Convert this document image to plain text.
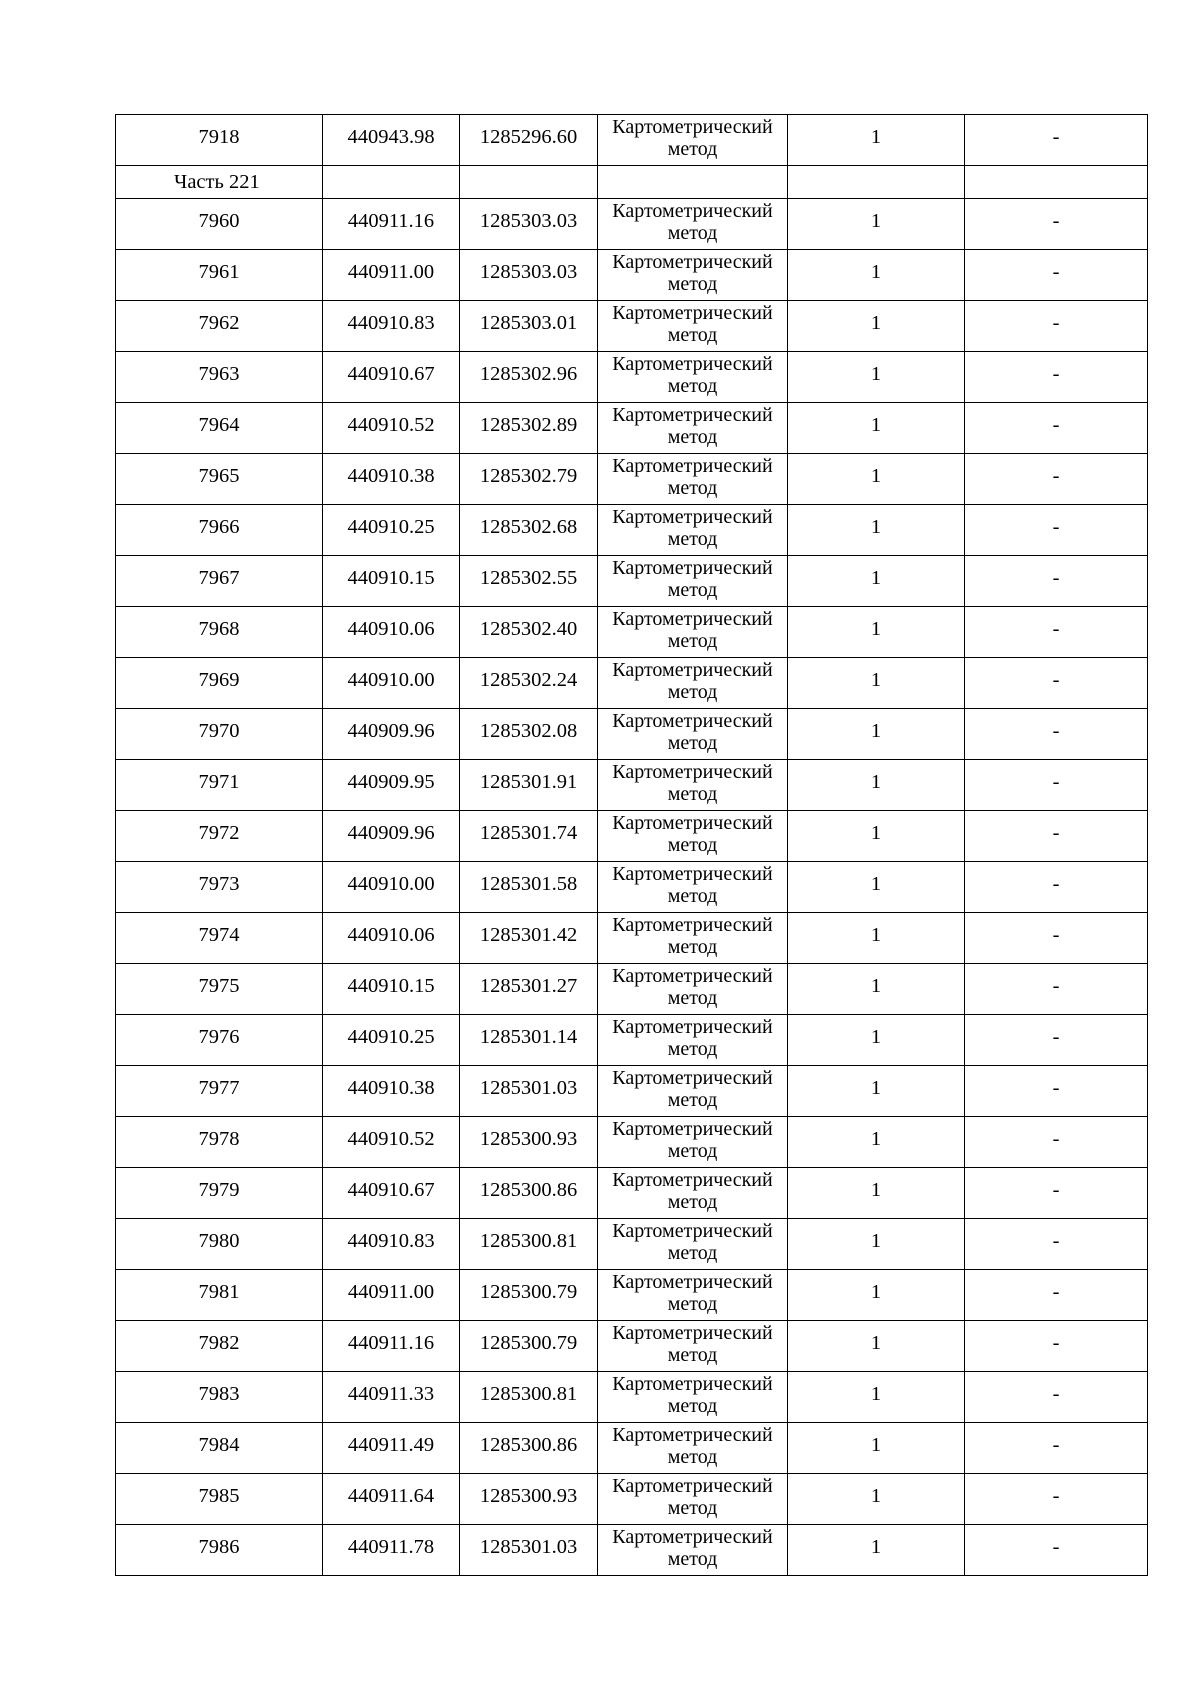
7918	440943.98	1285296.60	Картометрический
метод	1	-
Часть 221					
7960	440911.16	1285303.03	Картометрический
метод	1	-
7961	440911.00	1285303.03	Картометрический
метод	1	-
7962	440910.83	1285303.01	Картометрический
метод	1	-
7963	440910.67	1285302.96	Картометрический
метод	1	-
7964	440910.52	1285302.89	Картометрический
метод	1	-
7965	440910.38	1285302.79	Картометрический
метод	1	-
7966	440910.25	1285302.68	Картометрический
метод	1	-
7967	440910.15	1285302.55	Картометрический
метод	1	-
7968	440910.06	1285302.40	Картометрический
метод	1	-
7969	440910.00	1285302.24	Картометрический
метод	1	-
7970	440909.96	1285302.08	Картометрический
метод	1	-
7971	440909.95	1285301.91	Картометрический
метод	1	-
7972	440909.96	1285301.74	Картометрический
метод	1	-
7973	440910.00	1285301.58	Картометрический
метод	1	-
7974	440910.06	1285301.42	Картометрический
метод	1	-
7975	440910.15	1285301.27	Картометрический
метод	1	-
7976	440910.25	1285301.14	Картометрический
метод	1	-
7977	440910.38	1285301.03	Картометрический
метод	1	-
7978	440910.52	1285300.93	Картометрический
метод	1	-
7979	440910.67	1285300.86	Картометрический
метод	1	-
7980	440910.83	1285300.81	Картометрический
метод	1	-
7981	440911.00	1285300.79	Картометрический
метод	1	-
7982	440911.16	1285300.79	Картометрический
метод	1	-
7983	440911.33	1285300.81	Картометрический
метод	1	-
7984	440911.49	1285300.86	Картометрический
метод	1	-
7985	440911.64	1285300.93	Картометрический
метод	1	-
7986	440911.78	1285301.03	Картометрический
метод	1	-
